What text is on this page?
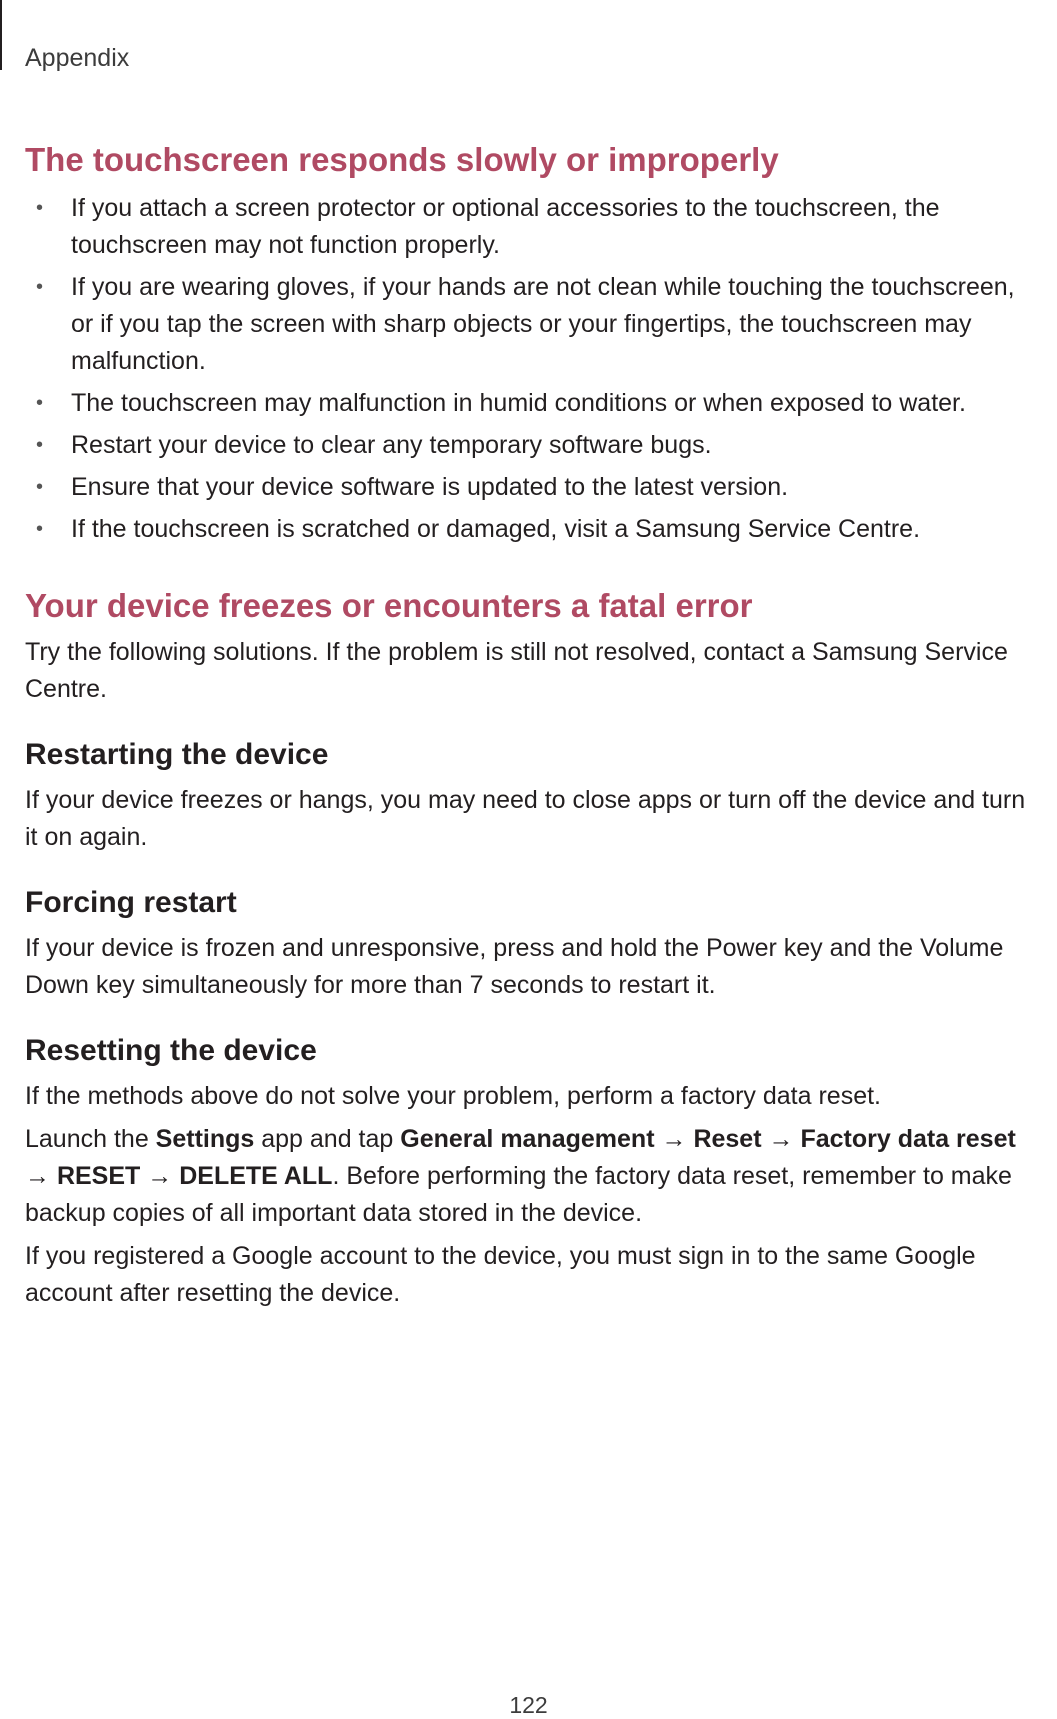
Appendix
The touchscreen responds slowly or improperly
• If you attach a screen protector or optional accessories to the touchscreen, the touchscreen may not function properly.
• If you are wearing gloves, if your hands are not clean while touching the touchscreen, or if you tap the screen with sharp objects or your fingertips, the touchscreen may malfunction.
• The touchscreen may malfunction in humid conditions or when exposed to water.
• Restart your device to clear any temporary software bugs.
• Ensure that your device software is updated to the latest version.
• If the touchscreen is scratched or damaged, visit a Samsung Service Centre.
Your device freezes or encounters a fatal error

Try the following solutions. If the problem is still not resolved, contact a Samsung Service Centre.

Restarting the device

If your device freezes or hangs, you may need to close apps or turn off the device and turn it on again.

Forcing restart

If your device is frozen and unresponsive, press and hold the Power key and the Volume Down key simultaneously for more than 7 seconds to restart it.

Resetting the device

If the methods above do not solve your problem, perform a factory data reset.

Launch the Settings app and tap General management → Reset → Factory data reset → RESET → DELETE ALL. Before performing the factory data reset, remember to make backup copies of all important data stored in the device.

If you registered a Google account to the device, you must sign in to the same Google account after resetting the device.

122
